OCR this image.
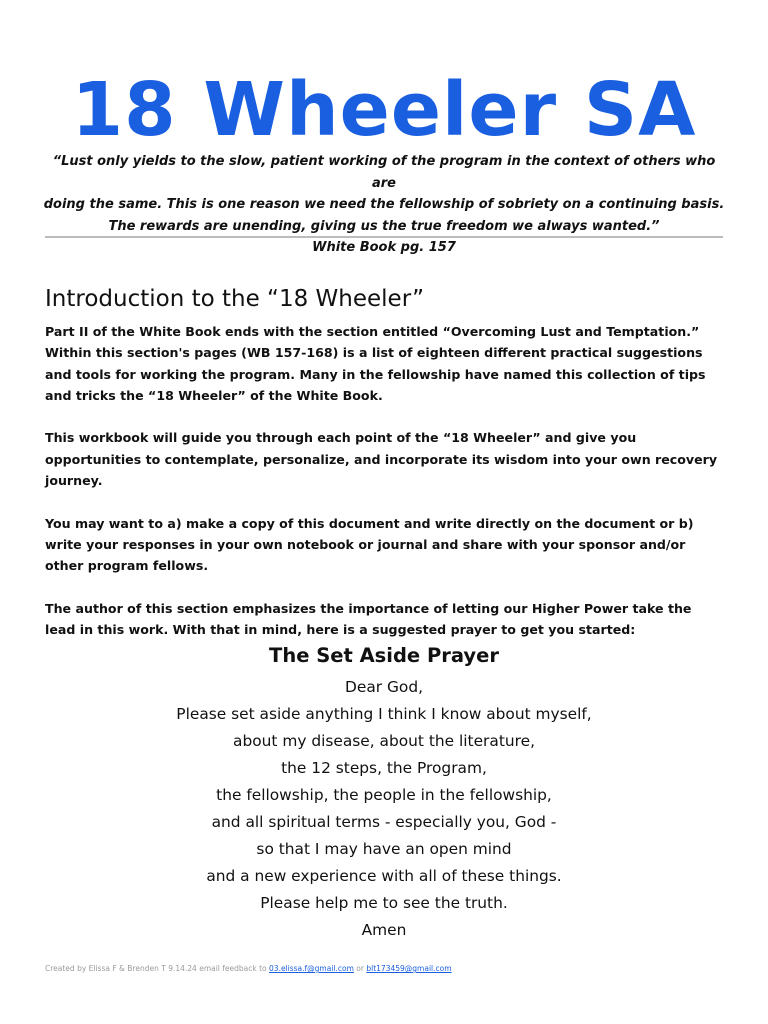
18 Wheeler SA
“Lust only yields to the slow, patient working of the program in the context of others who are
doing the same. This is one reason we need the fellowship of sobriety on a continuing basis.
The rewards are unending, giving us the true freedom we always wanted.”
White Book pg. 157
Introduction to the “18 Wheeler”

Part II of the White Book ends with the section entitled “Overcoming Lust and Temptation.” Within this section's pages (WB 157-168) is a list of eighteen different practical suggestions and tools for working the program. Many in the fellowship have named this collection of tips and tricks the “18 Wheeler” of the White Book.

This workbook will guide you through each point of the “18 Wheeler” and give you opportunities to contemplate, personalize, and incorporate its wisdom into your own recovery journey.

You may want to a) make a copy of this document and write directly on the document or b) write your responses in your own notebook or journal and share with your sponsor and/or other program fellows.

The author of this section emphasizes the importance of letting our Higher Power take the lead in this work. With that in mind, here is a suggested prayer to get you started:

The Set Aside Prayer
Dear God,
Please set aside anything I think I know about myself,
about my disease, about the literature,
the 12 steps, the Program,
the fellowship, the people in the fellowship,
and all spiritual terms - especially you, God -
so that I may have an open mind
and a new experience with all of these things.
Please help me to see the truth.
Amen
Created by Elissa F & Brenden T 9.14.24 email feedback to 03.elissa.f@gmail.com or blt173459@gmail.com
